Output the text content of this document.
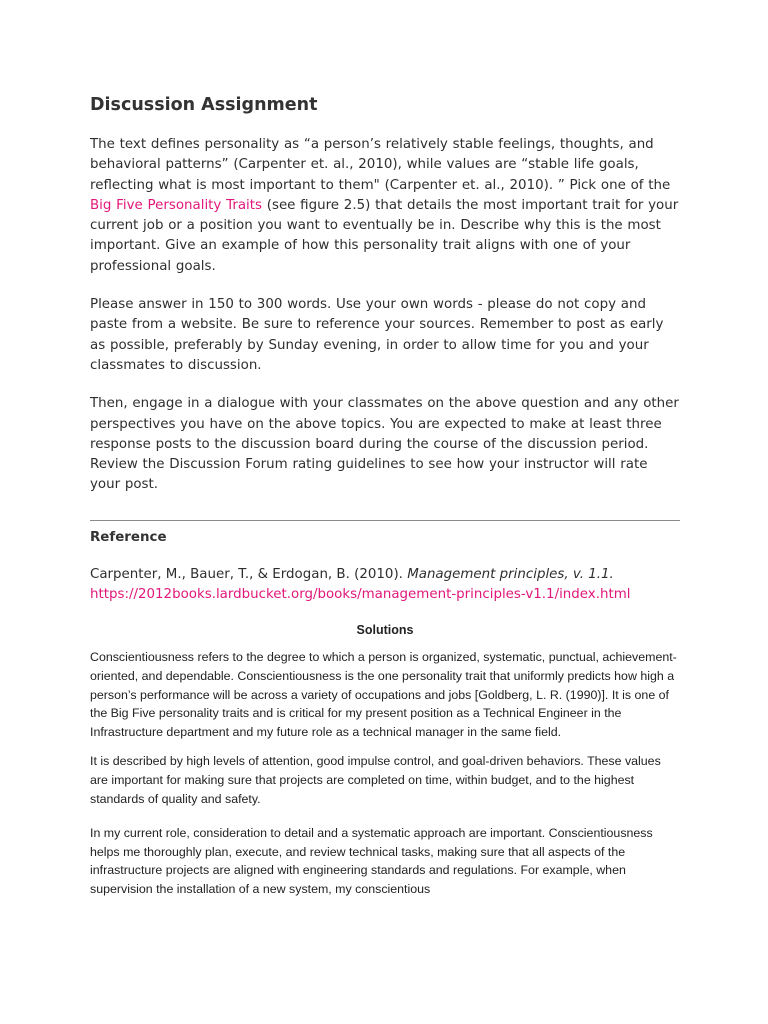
Discussion Assignment

The text defines personality as “a person’s relatively stable feelings, thoughts, and behavioral patterns” (Carpenter et. al., 2010), while values are “stable life goals, reflecting what is most important to them" (Carpenter et. al., 2010). ” Pick one of the Big Five Personality Traits (see figure 2.5) that details the most important trait for your current job or a position you want to eventually be in. Describe why this is the most important. Give an example of how this personality trait aligns with one of your professional goals.

Please answer in 150 to 300 words. Use your own words - please do not copy and paste from a website. Be sure to reference your sources. Remember to post as early as possible, preferably by Sunday evening, in order to allow time for you and your classmates to discussion.

Then, engage in a dialogue with your classmates on the above question and any other perspectives you have on the above topics. You are expected to make at least three response posts to the discussion board during the course of the discussion period. Review the Discussion Forum rating guidelines to see how your instructor will rate your post.

Reference

Carpenter, M., Bauer, T., & Erdogan, B. (2010). Management principles, v. 1.1. https://2012books.lardbucket.org/books/management-principles-v1.1/index.html

Solutions

Conscientiousness refers to the degree to which a person is organized, systematic, punctual, achievement-oriented, and dependable. Conscientiousness is the one personality trait that uniformly predicts how high a person’s performance will be across a variety of occupations and jobs [Goldberg, L. R. (1990)]. It is one of the Big Five personality traits and is critical for my present position as a Technical Engineer in the Infrastructure department and my future role as a technical manager in the same field.

It is described by high levels of attention, good impulse control, and goal-driven behaviors. These values are important for making sure that projects are completed on time, within budget, and to the highest standards of quality and safety.

In my current role, consideration to detail and a systematic approach are important. Conscientiousness helps me thoroughly plan, execute, and review technical tasks, making sure that all aspects of the infrastructure projects are aligned with engineering standards and regulations. For example, when supervision the installation of a new system, my conscientious
